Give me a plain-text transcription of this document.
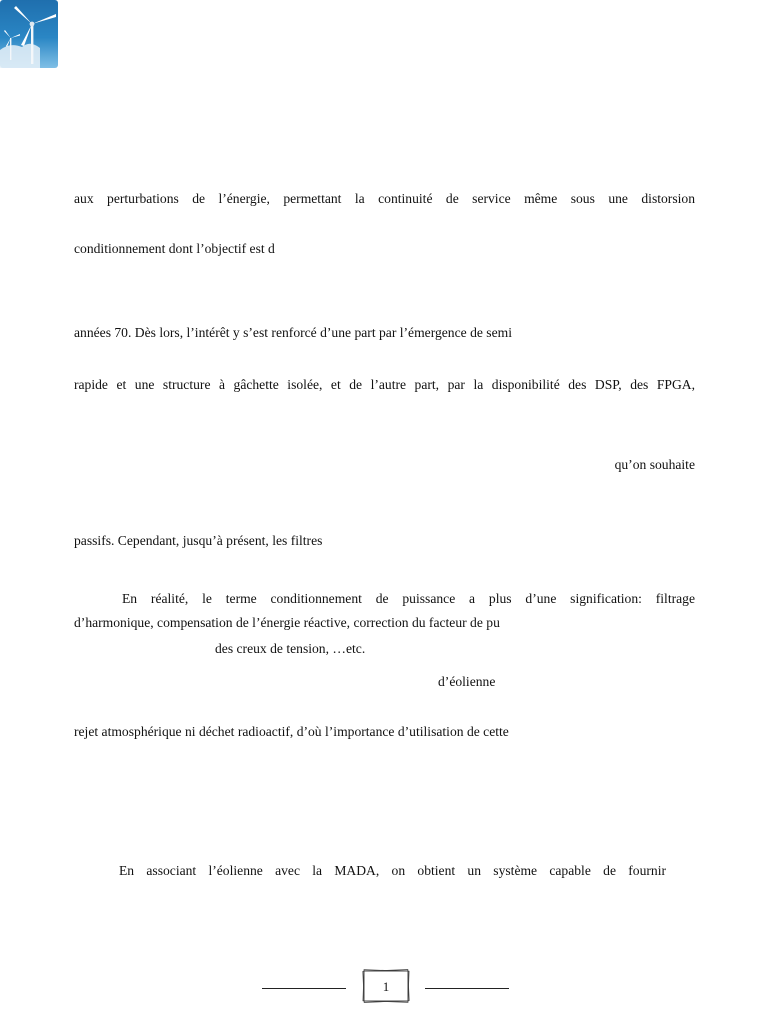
aux perturbations de l’énergie, permettant la continuité de service même sous une distorsion
conditionnement dont l’objectif est d
années 70. Dès lors, l’intérêt y s’est renforcé d’une part par l’émergence de semi
rapide et une structure à gâchette isolée, et de l’autre part, par la disponibilité des DSP, des FPGA,
qu’on souhaite
passifs. Cependant, jusqu’à présent, les filtres
En réalité, le terme conditionnement de puissance a plus d’une signification: filtrage
d’harmonique, compensation de l’énergie réactive, correction du facteur de pu
des creux de tension, …etc.
d’éolienne
rejet atmosphérique ni déchet radioactif, d’où l’importance d’utilisation de cette
En associant l’éolienne avec la MADA, on obtient un système capable de fournir
1
